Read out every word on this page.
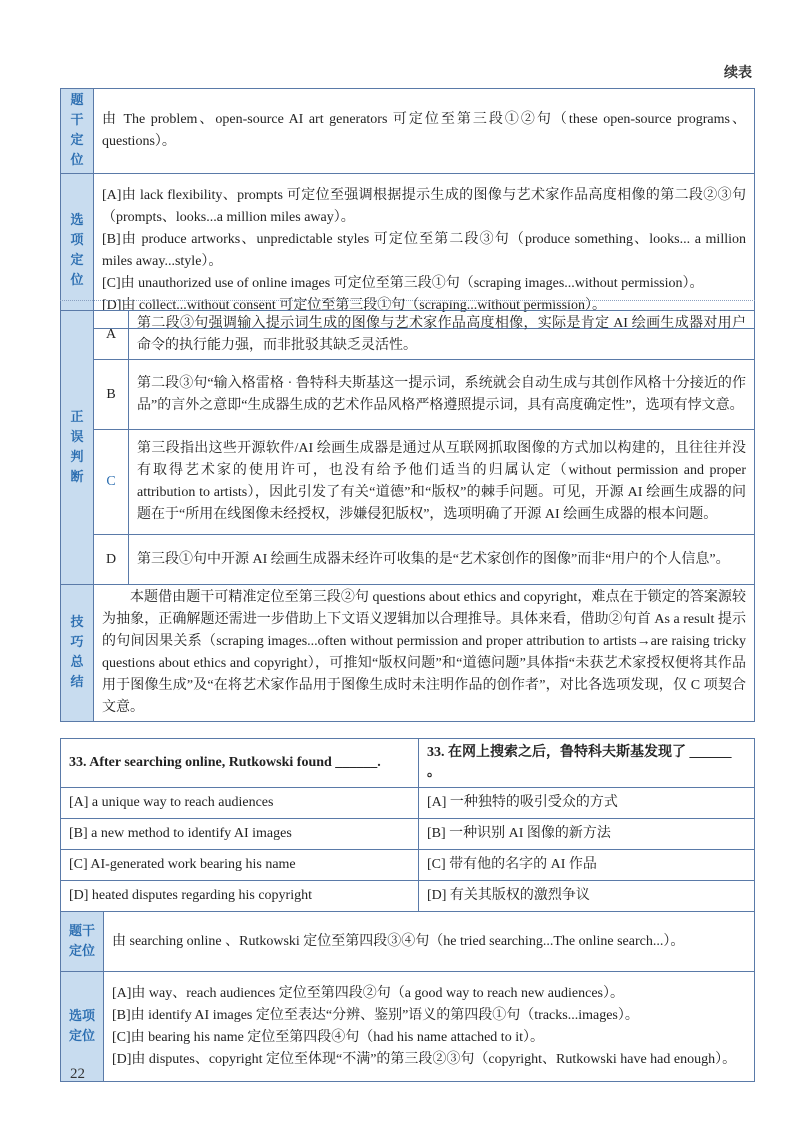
续表
题干定位	由 The problem、open-source AI art generators 可定位至第三段①②句（these open-source programs、questions）。

选项定位	[A]由 lack flexibility、prompts 可定位至强调根据提示生成的图像与艺术家作品高度相像的第二段②③句（prompts、looks...a million miles away）。
[B]由 produce artworks、unpredictable styles 可定位至第二段③句（produce something、looks... a million miles away...style）。
[C]由 unauthorized use of online images 可定位至第三段①句（scraping images...without permission）。
[D]由 collect...without consent 可定位至第三段①句（scraping...without permission）。
正误判断	A	第二段③句强调输入提示词生成的图像与艺术家作品高度相像，实际是肯定 AI 绘画生成器对用户命令的执行能力强，而非批驳其缺乏灵活性。

	B	第二段③句“输入格雷格 · 鲁特科夫斯基这一提示词，系统就会自动生成与其创作风格十分接近的作品”的言外之意即“生成器生成的艺术作品风格严格遵照提示词，具有高度确定性”，选项有悖文意。

	C	第三段指出这些开源软件/AI 绘画生成器是通过从互联网抓取图像的方式加以构建的，且往往并没有取得艺术家的使用许可，也没有给予他们适当的归属认定（without permission and proper attribution to artists），因此引发了有关“道德”和“版权”的棘手问题。可见，开源 AI 绘画生成器的问题在于“所用在线图像未经授权，涉嫌侵犯版权”，选项明确了开源 AI 绘画生成器的根本问题。

	D	第三段①句中开源 AI 绘画生成器未经许可收集的是“艺术家创作的图像”而非“用户的个人信息”。

技巧总结	本题借由题干可精准定位至第三段②句 questions about ethics and copyright，难点在于锁定的答案源较为抽象，正确解题还需进一步借助上下文语义逻辑加以合理推导。具体来看，借助②句首 As a result 提示的句间因果关系（scraping images...often without permission and proper attribution to artists→are raising tricky questions about ethics and copyright），可推知“版权问题”和“道德问题”具体指“未获艺术家授权便将其作品用于图像生成”及“在将艺术家作品用于图像生成时未注明作品的创作者”，对比各选项发现，仅 C 项契合文意。	
33. After searching online, Rutkowski found ______.		33. 在网上搜索之后，鲁特科夫斯基发现了 ______ 。
[A] a unique way to reach audiences		[A] 一种独特的吸引受众的方式
[B] a new method to identify AI images		[B] 一种识别 AI 图像的新方法
[C] AI-generated work bearing his name		[C] 带有他的名字的 AI 作品
[D] heated disputes regarding his copyright		[D] 有关其版权的激烈争议
题干定位	由 searching online 、Rutkowski 定位至第四段③④句（he tried searching...The online search...）。	

选项定位	[A]由 way、reach audiences 定位至第四段②句（a good way to reach new audiences）。
[B]由 identify AI images 定位至表达“分辨、鉴别”语义的第四段①句（tracks...images）。
[C]由 bearing his name 定位至第四段④句（had his name attached to it）。
[D]由 disputes、copyright 定位至体现“不满”的第三段②③句（copyright、Rutkowski have had enough）。	
22
